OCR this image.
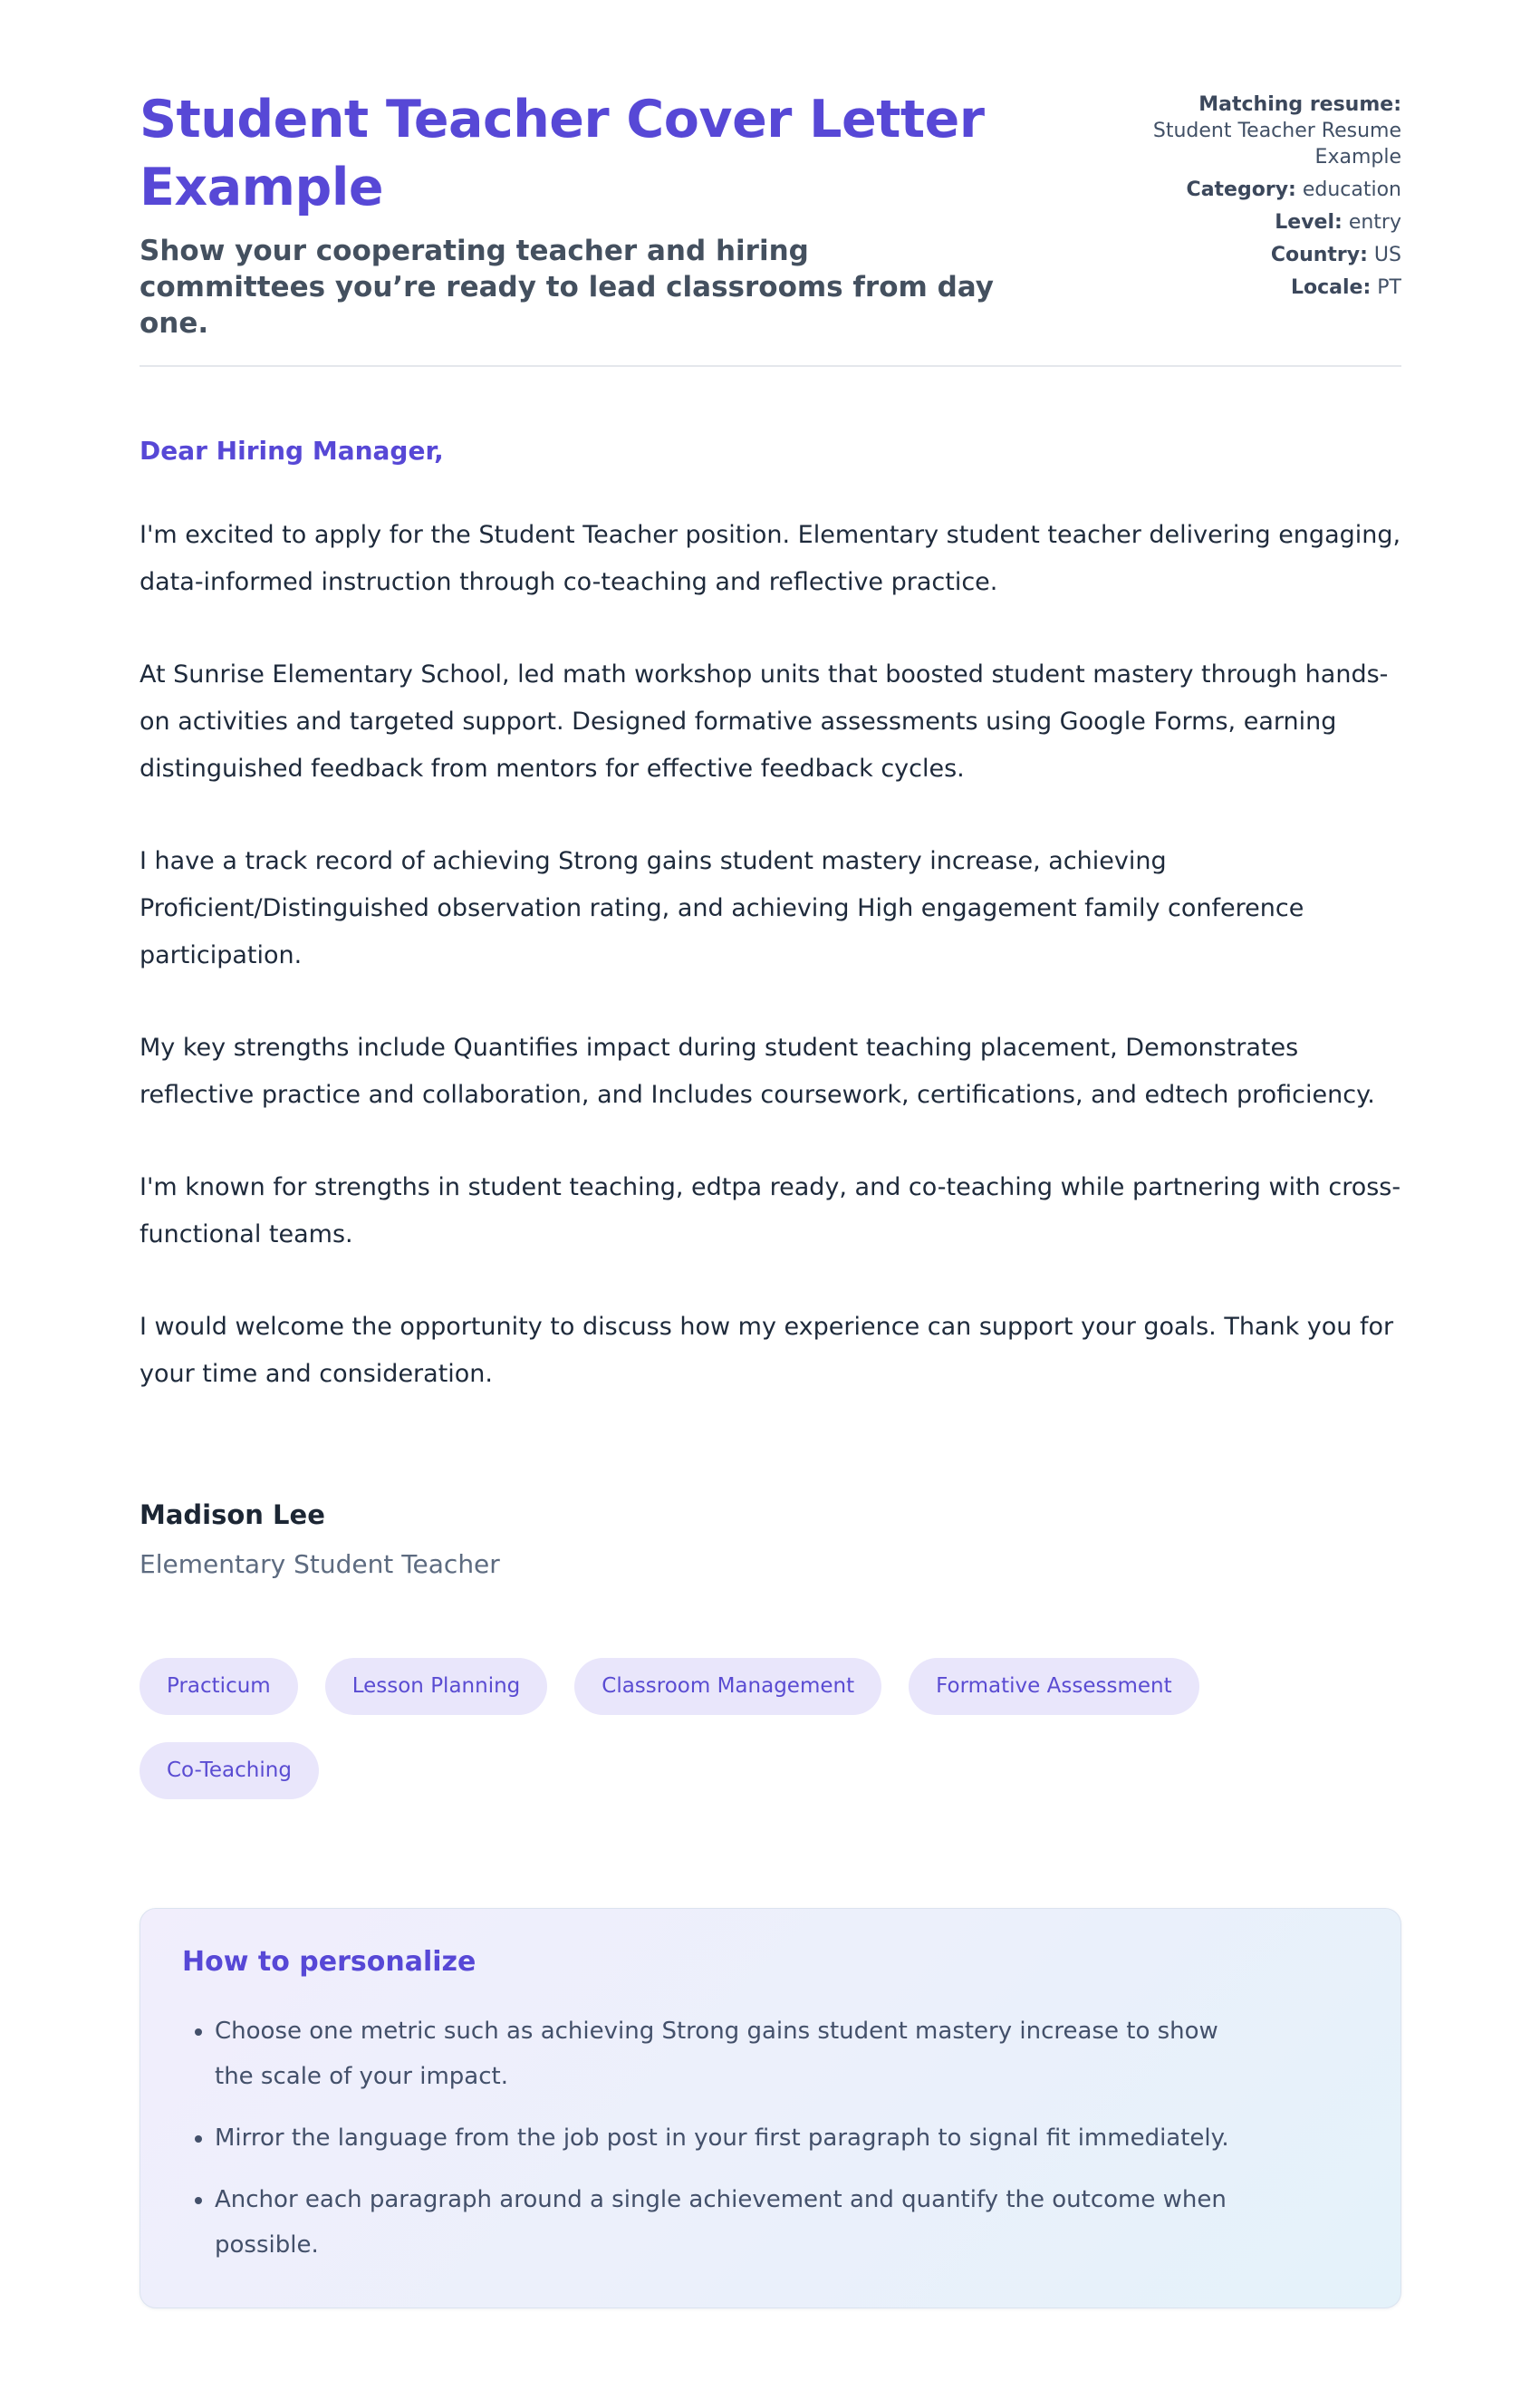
Student Teacher Cover Letter Example

Show your cooperating teacher and hiring committees you’re ready to lead classrooms from day one.

Matching resume:
Student Teacher Resume Example
Category: education
Level: entry
Country: US
Locale: PT

Dear Hiring Manager,

I'm excited to apply for the Student Teacher position. Elementary student teacher delivering engaging, data-informed instruction through co-teaching and reflective practice.

At Sunrise Elementary School, led math workshop units that boosted student mastery through hands-on activities and targeted support. Designed formative assessments using Google Forms, earning distinguished feedback from mentors for effective feedback cycles.

I have a track record of achieving Strong gains student mastery increase, achieving Proficient/Distinguished observation rating, and achieving High engagement family conference participation.

My key strengths include Quantifies impact during student teaching placement, Demonstrates reflective practice and collaboration, and Includes coursework, certifications, and edtech proficiency.

I'm known for strengths in student teaching, edtpa ready, and co-teaching while partnering with cross-functional teams.

I would welcome the opportunity to discuss how my experience can support your goals. Thank you for your time and consideration.

Madison Lee

Elementary Student Teacher

Practicum	Lesson Planning	Classroom Management	Formative Assessment
Co-Teaching
How to personalize
• Choose one metric such as achieving Strong gains student mastery increase to show the scale of your impact.
• Mirror the language from the job post in your first paragraph to signal fit immediately.
• Anchor each paragraph around a single achievement and quantify the outcome when possible.
